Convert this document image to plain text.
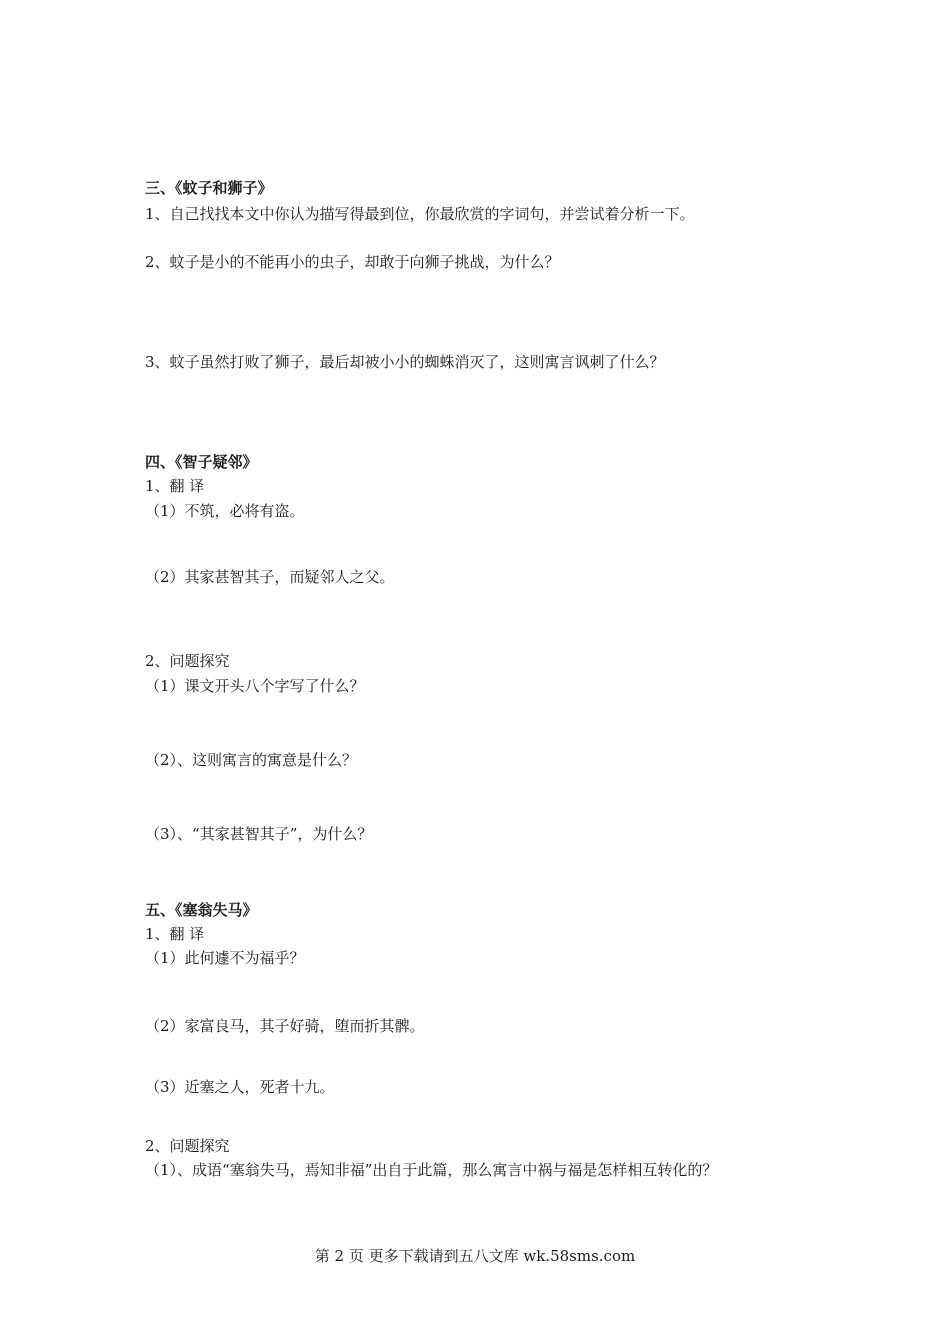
三、《蚊子和狮子》
1、自己找找本文中你认为描写得最到位，你最欣赏的字词句，并尝试着分析一下。
2、蚊子是小的不能再小的虫子，却敢于向狮子挑战，为什么？
3、蚊子虽然打败了狮子，最后却被小小的蜘蛛消灭了，这则寓言讽刺了什么？
四、《智子疑邻》
1、翻 译
（1）不筑，必将有盗。
（2）其家甚智其子，而疑邻人之父。
2、问题探究
（1）课文开头八个字写了什么？
（2）、这则寓言的寓意是什么？
（3）、“其家甚智其子”，为什么？
五、《塞翁失马》
1、翻 译
（1）此何遽不为福乎？
（2）家富良马，其子好骑，堕而折其髀。
（3）近塞之人，死者十九。
2、问题探究
（1）、成语“塞翁失马，焉知非福”出自于此篇，那么寓言中祸与福是怎样相互转化的？
第 2 页 更多下载请到五八文库 wk.58sms.com
